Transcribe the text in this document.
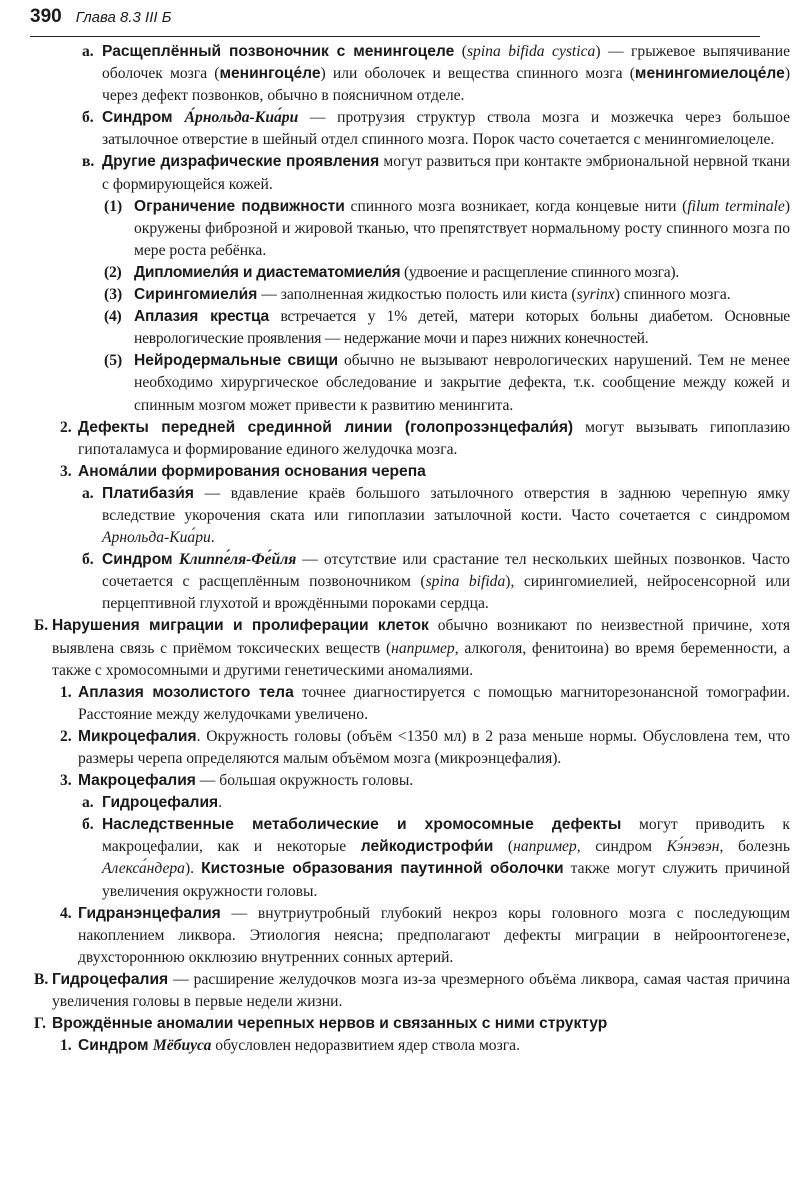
390 Глава 8.3 III Б
а. Расщеплённый позвоночник с менингоцеле (spina bifida cystica) — грыжевое выпячивание оболочек мозга (менингоце́ле) или оболочек и вещества спинного мозга (менингомиелоце́ле) через дефект позвонков, обычно в поясничном отделе.
б. Синдром А́рнольда-Киа́ри — протрузия структур ствола мозга и мозжечка через большое затылочное отверстие в шейный отдел спинного мозга. Порок часто сочетается с менингомиелоцеле.
в. Другие дизрафические проявления могут развиться при контакте эмбриональной нервной ткани с формирующейся кожей.
(1) Ограничение подвижности спинного мозга возникает, когда концевые нити (filum terminale) окружены фиброзной и жировой тканью, что препятствует нормальному росту спинного мозга по мере роста ребёнка.
(2) Дипломиели́я и диастематомиели́я (удвоение и расщепление спинного мозга).
(3) Сирингомиели́я — заполненная жидкостью полость или киста (syrinx) спинного мозга.
(4) Аплазия крестца встречается у 1% детей, матери которых больны диабетом. Основные неврологические проявления — недержание мочи и парез нижних конечностей.
(5) Нейродермальные свищи обычно не вызывают неврологических нарушений. Тем не менее необходимо хирургическое обследование и закрытие дефекта, т.к. сообщение между кожей и спинным мозгом может привести к развитию менингита.
2. Дефекты передней срединной линии (голопрозэнцефали́я) могут вызывать гипоплазию гипоталамуса и формирование единого желудочка мозга.
3. Анома́лии формирования основания черепа
а. Платибази́я — вдавление краёв большого затылочного отверстия в заднюю черепную ямку вследствие укорочения ската или гипоплазии затылочной кости. Часто сочетается с синдромом Арнольда-Киа́ри.
б. Синдром Клиппе́ля-Фе́йля — отсутствие или срастание тел нескольких шейных позвонков. Часто сочетается с расщеплённым позвоночником (spina bifida), сирингомиелией, нейросенсорной или перцептивной глухотой и врождёнными пороками сердца.
Б. Нарушения миграции и пролиферации клеток обычно возникают по неизвестной причине, хотя выявлена связь с приёмом токсических веществ (например, алкоголя, фенитоина) во время беременности, а также с хромосомными и другими генетическими аномалиями.
1. Аплазия мозолистого тела точнее диагностируется с помощью магниторезонансной томографии. Расстояние между желудочками увеличено.
2. Микроцефалия. Окружность головы (объём <1350 мл) в 2 раза меньше нормы. Обусловлена тем, что размеры черепа определяются малым объёмом мозга (микроэнцефалия).
3. Макроцефалия — большая окружность головы.
а. Гидроцефалия.
б. Наследственные метаболические и хромосомные дефекты могут приводить к макроцефалии, как и некоторые лейкодистрофи́и (например, синдром Кэ́нэвэн, болезнь Алекса́ндера). Кистозные образования паутинной оболочки также могут служить причиной увеличения окружности головы.
4. Гидранэнцефалия — внутриутробный глубокий некроз коры головного мозга с последующим накоплением ликвора. Этиология неясна; предполагают дефекты миграции в нейроонтогенезе, двухстороннюю окклюзию внутренних сонных артерий.
В. Гидроцефалия — расширение желудочков мозга из-за чрезмерного объёма ликвора, самая частая причина увеличения головы в первые недели жизни.
Г. Врождённые аномалии черепных нервов и связанных с ними структур
1. Синдром Мёбиуса обусловлен недоразвитием ядер ствола мозга.
